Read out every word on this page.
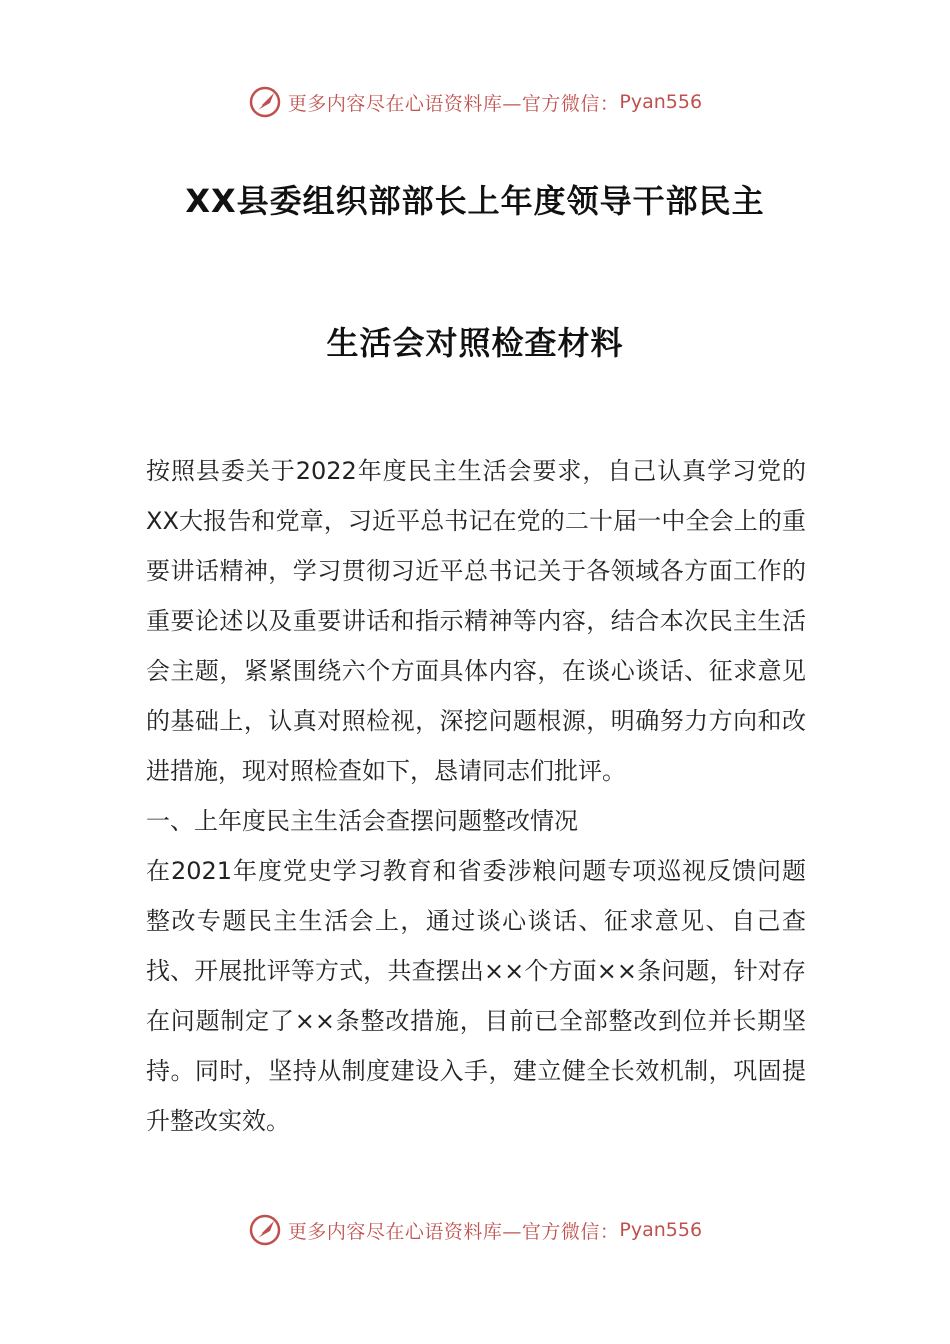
更多内容尽在心语资料库—官方微信： Pyan556
XX县委组织部部长上年度领导干部民主
生活会对照检查材料

按照县委关于2022年度民主生活会要求，自己认真学习党的XX大报告和党章，习近平总书记在党的二十届一中全会上的重要讲话精神，学习贯彻习近平总书记关于各领域各方面工作的重要论述以及重要讲话和指示精神等内容，结合本次民主生活会主题，紧紧围绕六个方面具体内容，在谈心谈话、征求意见的基础上，认真对照检视，深挖问题根源，明确努力方向和改进措施，现对照检查如下，恳请同志们批评。

一、上年度民主生活会查摆问题整改情况

在2021年度党史学习教育和省委涉粮问题专项巡视反馈问题整改专题民主生活会上，通过谈心谈话、征求意见、自己查找、开展批评等方式，共查摆出××个方面××条问题，针对存在问题制定了××条整改措施，目前已全部整改到位并长期坚持。同时，坚持从制度建设入手，建立健全长效机制，巩固提升整改实效。

更多内容尽在心语资料库—官方微信： Pyan556
